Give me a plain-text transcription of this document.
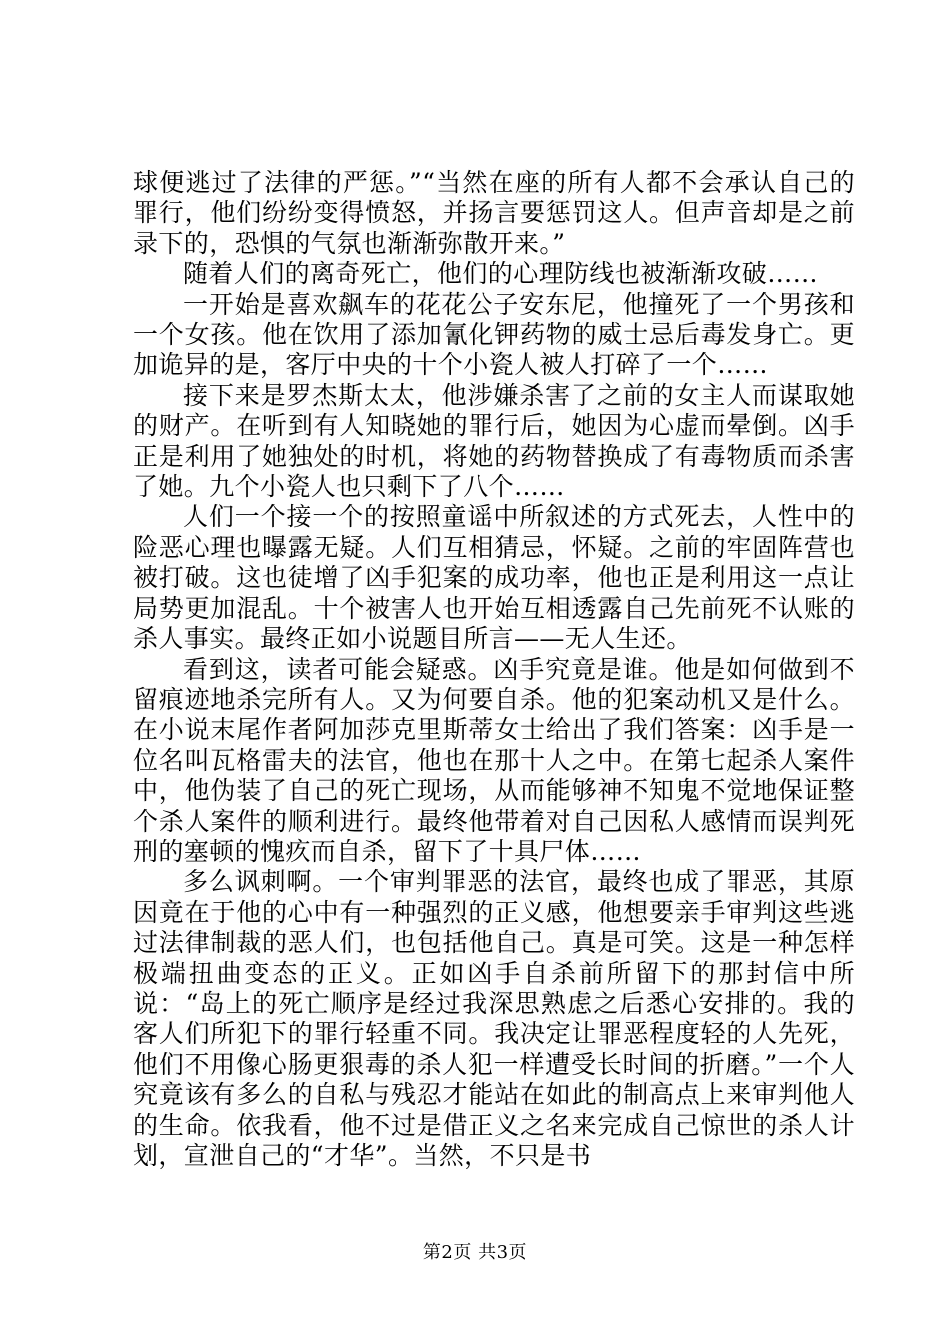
球便逃过了法律的严惩。”“当然在座的所有人都不会承认自己的罪行，他们纷纷变得愤怒，并扬言要惩罚这人。但声音却是之前录下的，恐惧的气氛也渐渐弥散开来。”

随着人们的离奇死亡，他们的心理防线也被渐渐攻破……

一开始是喜欢飙车的花花公子安东尼，他撞死了一个男孩和一个女孩。他在饮用了添加氰化钾药物的威士忌后毒发身亡。更加诡异的是，客厅中央的十个小瓷人被人打碎了一个……

接下来是罗杰斯太太，他涉嫌杀害了之前的女主人而谋取她的财产。在听到有人知晓她的罪行后，她因为心虚而晕倒。凶手正是利用了她独处的时机，将她的药物替换成了有毒物质而杀害了她。九个小瓷人也只剩下了八个……

人们一个接一个的按照童谣中所叙述的方式死去，人性中的险恶心理也曝露无疑。人们互相猜忌，怀疑。之前的牢固阵营也被打破。这也徒增了凶手犯案的成功率，他也正是利用这一点让局势更加混乱。十个被害人也开始互相透露自己先前死不认账的杀人事实。最终正如小说题目所言——无人生还。

看到这，读者可能会疑惑。凶手究竟是谁。他是如何做到不留痕迹地杀完所有人。又为何要自杀。他的犯案动机又是什么。在小说末尾作者阿加莎克里斯蒂女士给出了我们答案：凶手是一位名叫瓦格雷夫的法官，他也在那十人之中。在第七起杀人案件中，他伪装了自己的死亡现场，从而能够神不知鬼不觉地保证整个杀人案件的顺利进行。最终他带着对自己因私人感情而误判死刑的塞顿的愧疚而自杀，留下了十具尸体……

多么讽刺啊。一个审判罪恶的法官，最终也成了罪恶，其原因竟在于他的心中有一种强烈的正义感，他想要亲手审判这些逃过法律制裁的恶人们，也包括他自己。真是可笑。这是一种怎样极端扭曲变态的正义。正如凶手自杀前所留下的那封信中所说：“岛上的死亡顺序是经过我深思熟虑之后悉心安排的。我的客人们所犯下的罪行轻重不同。我决定让罪恶程度轻的人先死，他们不用像心肠更狠毒的杀人犯一样遭受长时间的折磨。”一个人究竟该有多么的自私与残忍才能站在如此的制高点上来审判他人的生命。依我看，他不过是借正义之名来完成自己惊世的杀人计划，宣泄自己的“才华”。当然，不只是书

第2页 共3页
